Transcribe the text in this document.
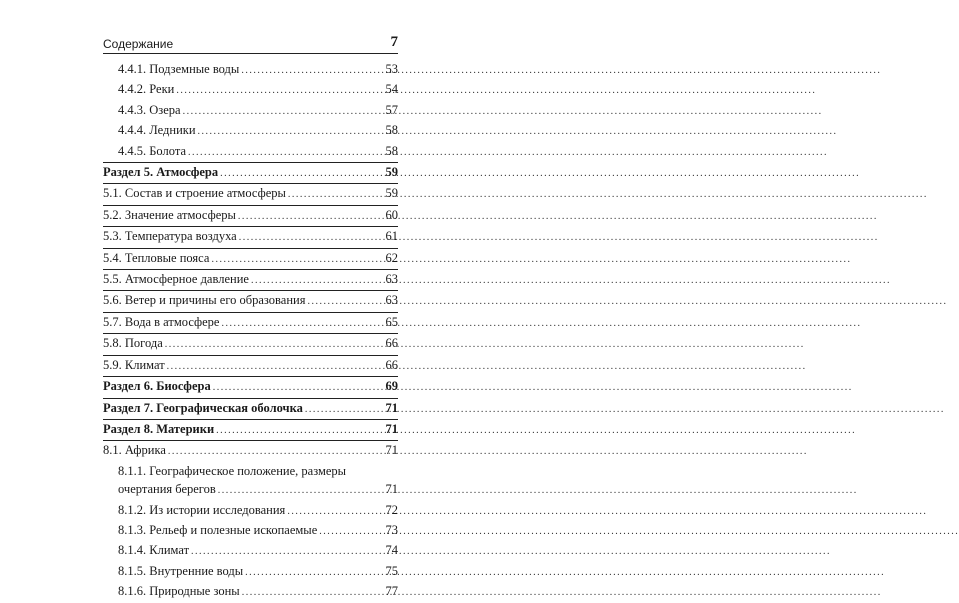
Содержание	7
4.4.1. Подземные воды .....	53
4.4.2. Реки .....	54
4.4.3. Озера .....	57
4.4.4. Ледники .....	58
4.4.5. Болота .....	58
Раздел 5. Атмосфера .....	59
5.1. Состав и строение атмосферы .....	59
5.2. Значение атмосферы .....	60
5.3. Температура воздуха .....	61
5.4. Тепловые пояса .....	62
5.5. Атмосферное давление .....	63
5.6. Ветер и причины его образования .....	63
5.7. Вода в атмосфере .....	65
5.8. Погода .....	66
5.9. Климат .....	66
Раздел 6. Биосфера .....	69
Раздел 7. Географическая оболочка .....	71
Раздел 8. Материки .....	71
8.1. Африка .....	71
8.1.1. Географическое положение, размеры
очертания берегов .....	71
8.1.2. Из истории исследования .....	72
8.1.3. Рельеф и полезные ископаемые .....	73
8.1.4. Климат .....	74
8.1.5. Внутренние воды .....	75
8.1.6. Природные зоны .....	77
